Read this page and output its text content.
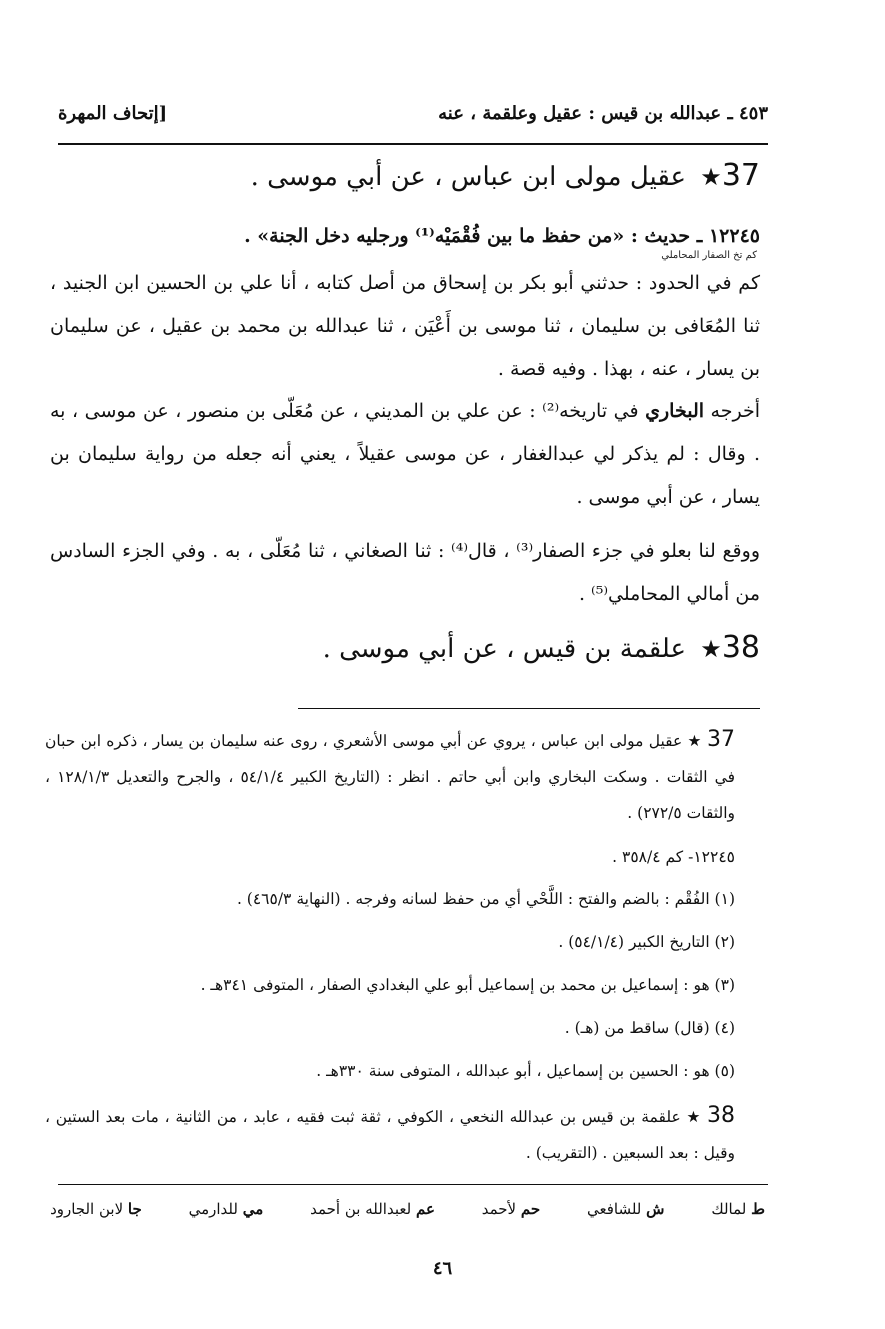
[إتحاف المهرة	٤٥٣ ـ عبدالله بن قيس : عقيل وعلقمة ، عنه
37★ عقيل مولى ابن عباس ، عن أبي موسى .
١٢٢٤٥ ـ حديث : «من حفظ ما بين فُقْمَيْه⁽¹⁾ ورجليه دخل الجنة» .
كم تخ الصفار المحاملي
كم في الحدود : حدثني أبو بكر بن إسحاق من أصل كتابه ، أنا علي بن الحسين ابن الجنيد ، ثنا المُعَافى بن سليمان ، ثنا موسى بن أَعْيَن ، ثنا عبدالله بن محمد بن عقيل ، عن سليمان بن يسار ، عنه ، بهذا . وفيه قصة .
أخرجه البخاري في تاريخه⁽²⁾ : عن علي بن المديني ، عن مُعَلّى بن منصور ، عن موسى ، به . وقال : لم يذكر لي عبدالغفار ، عن موسى عقيلاً ، يعني أنه جعله من رواية سليمان بن يسار ، عن أبي موسى .
ووقع لنا بعلو في جزء الصفار⁽³⁾ ، قال⁽⁴⁾ : ثنا الصغاني ، ثنا مُعَلّى ، به . وفي الجزء السادس من أمالي المحاملي⁽⁵⁾ .
38★ علقمة بن قيس ، عن أبي موسى .
37 ★ عقيل مولى ابن عباس ، يروي عن أبي موسى الأشعري ، روى عنه سليمان بن يسار ، ذكره ابن حبان في الثقات . وسكت البخاري وابن أبي حاتم . انظر : (التاريخ الكبير ٥٤/١/٤ ، والجرح والتعديل ١٢٨/١/٣ ، والثقات ٢٧٢/٥) .
١٢٢٤٥- كم ٣٥٨/٤ .
(١) الفُقْم : بالضم والفتح : اللَّحْي أي من حفظ لسانه وفرجه . (النهاية ٤٦٥/٣) .
(٢) التاريخ الكبير (٥٤/١/٤) .
(٣) هو : إسماعيل بن محمد بن إسماعيل أبو علي البغدادي الصفار ، المتوفى ٣٤١هـ .
(٤) (قال) ساقط من (هـ) .
(٥) هو : الحسين بن إسماعيل ، أبو عبدالله ، المتوفى سنة ٣٣٠هـ .
38 ★ علقمة بن قيس بن عبدالله النخعي ، الكوفي ، ثقة ثبت فقيه ، عابد ، من الثانية ، مات بعد الستين ، وقيل : بعد السبعين . (التقريب) .
ط لمالك
ش للشافعي
حم لأحمد
عم لعبدالله بن أحمد
مي للدارمي
جا لابن الجارود
٤٦
